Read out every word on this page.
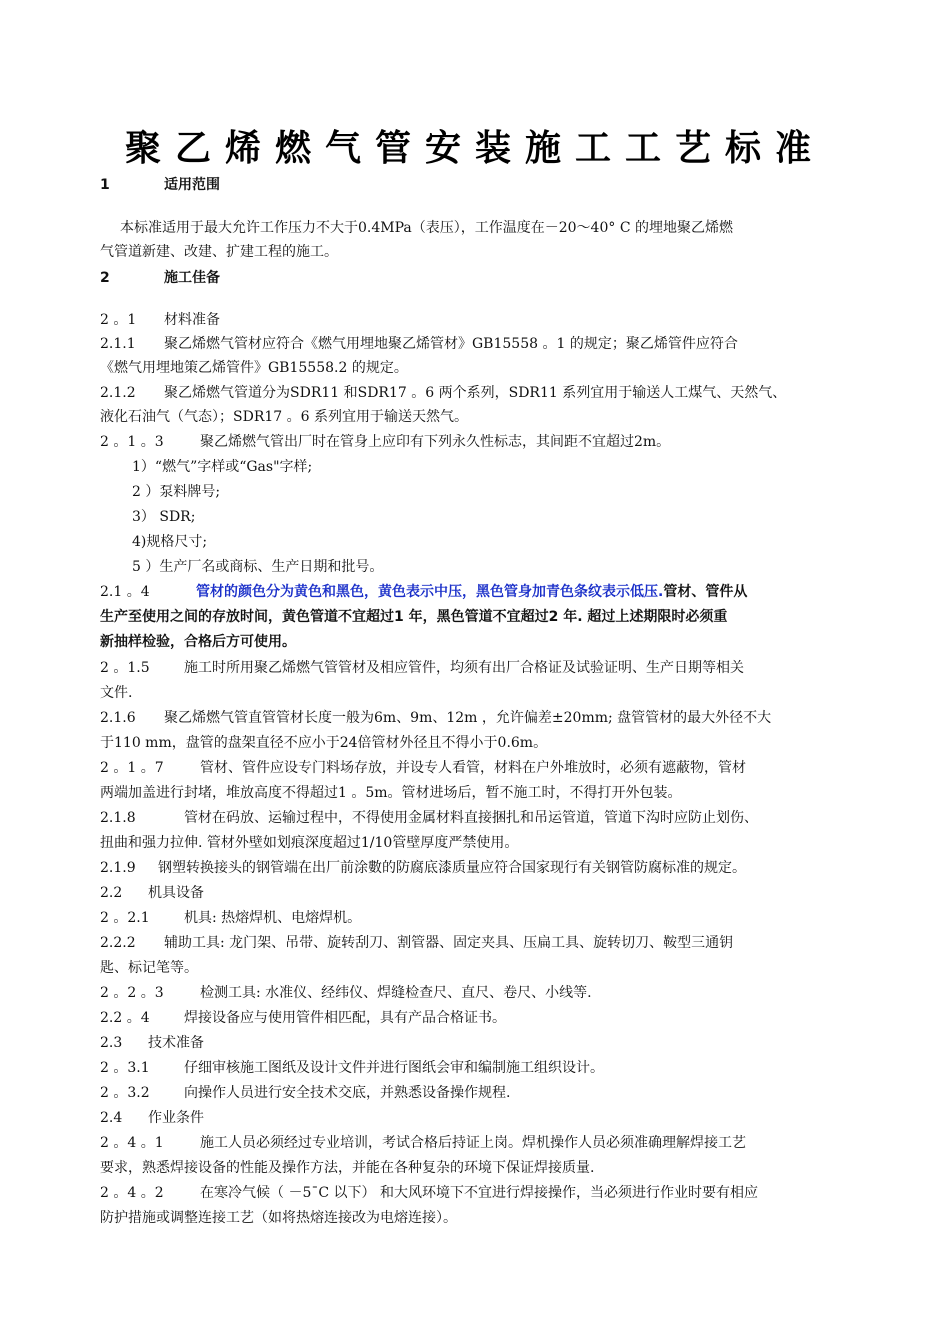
聚乙烯燃气管安装施工工艺标准
1	适用范围
本标准适用于最大允许工作压力不大于0.4MPa（表压），工作温度在－20～40° C 的埋地聚乙烯燃
气管道新建、改建、扩建工程的施工。
2	施工佳备
2 。1 材料准备
2.1.1 聚乙烯燃气管材应符合《燃气用埋地聚乙烯管材》GB15558 。1 的规定；聚乙烯管件应符合
《燃气用埋地策乙烯管件》GB15558.2 的规定。
2.1.2 聚乙烯燃气管道分为SDR11 和SDR17 。6 两个系列，SDR11 系列宜用于输送人工煤气、天然气、
液化石油气（气态）；SDR17 。6 系列宜用于输送天然气。
2 。1 。3	聚乙烯燃气管出厂时在管身上应印有下列永久性标志，其间距不宜超过2m。
1）“燃气”字样或“Gas"字样;
2 ）泵料牌号;
3） SDR;
4)规格尺寸;
5 ）生产厂名或商标、生产日期和批号。
2.1 。4	管材的颜色分为黄色和黑色，黄色表示中压，黑色管身加青色条纹表示低压.管材、管件从
生产至使用之间的存放时间，黄色管道不宜超过1 年，黑色管道不宜超过2 年. 超过上述期限时必须重
新抽样检验，合格后方可使用。
2 。1.5 施工时所用聚乙烯燃气管管材及相应管件，均须有出厂合格证及试验证明、生产日期等相关
文件.
2.1.6 聚乙烯燃气管直管管材长度一般为6m、9m、12m ，允许偏差±20mm; 盘管管材的最大外径不大
于110 mm，盘管的盘架直径不应小于24倍管材外径且不得小于0.6m。
2 。1 。7	管材、管件应设专门料场存放，并设专人看管，材料在户外堆放时，必须有遮蔽物，管材
两端加盖进行封堵，堆放高度不得超过1 。5m。管材进场后，暂不施工时，不得打开外包装。
2.1.8	管材在码放、运输过程中，不得使用金属材料直接捆扎和吊运管道，管道下沟时应防止划伤、
扭曲和强力拉伸. 管材外壁如划痕深度超过1/10管壁厚度严禁使用。
2.1.9 钢塑转换接头的钢管端在出厂前涂數的防腐底漆质量应符合国家现行有关钢管防腐标准的规定。
2.2 机具设备
2 。2.1 机具: 热熔焊机、电熔焊机。
2.2.2 辅助工具: 龙门架、吊带、旋转刮刀、割管器、固定夹具、压扁工具、旋转切刀、鞍型三通钥
匙、标记笔等。
2 。2 。3	检测工具: 水准仪、经纬仪、焊缝检查尺、直尺、卷尺、小线等.
2.2 。4 焊接设备应与使用管件相匹配，具有产品合格证书。
2.3 技术准备
2 。3.1 仔细审核施工图纸及设计文件并进行图纸会审和编制施工组织设计。
2 。3.2 向操作人员进行安全技术交底，并熟悉设备操作规程.
2.4 作业条件
2 。4 。1	施工人员必须经过专业培训，考试合格后持证上岗。焊机操作人员必须准确理解焊接工艺
要求，熟悉焊接设备的性能及操作方法，并能在各种复杂的环境下保证焊接质量.
2 。4 。2	在寒冷气候（ －5¯C 以下） 和大风环境下不宜进行焊接操作，当必须进行作业时要有相应
防护措施或调整连接工艺（如将热熔连接改为电熔连接）。
